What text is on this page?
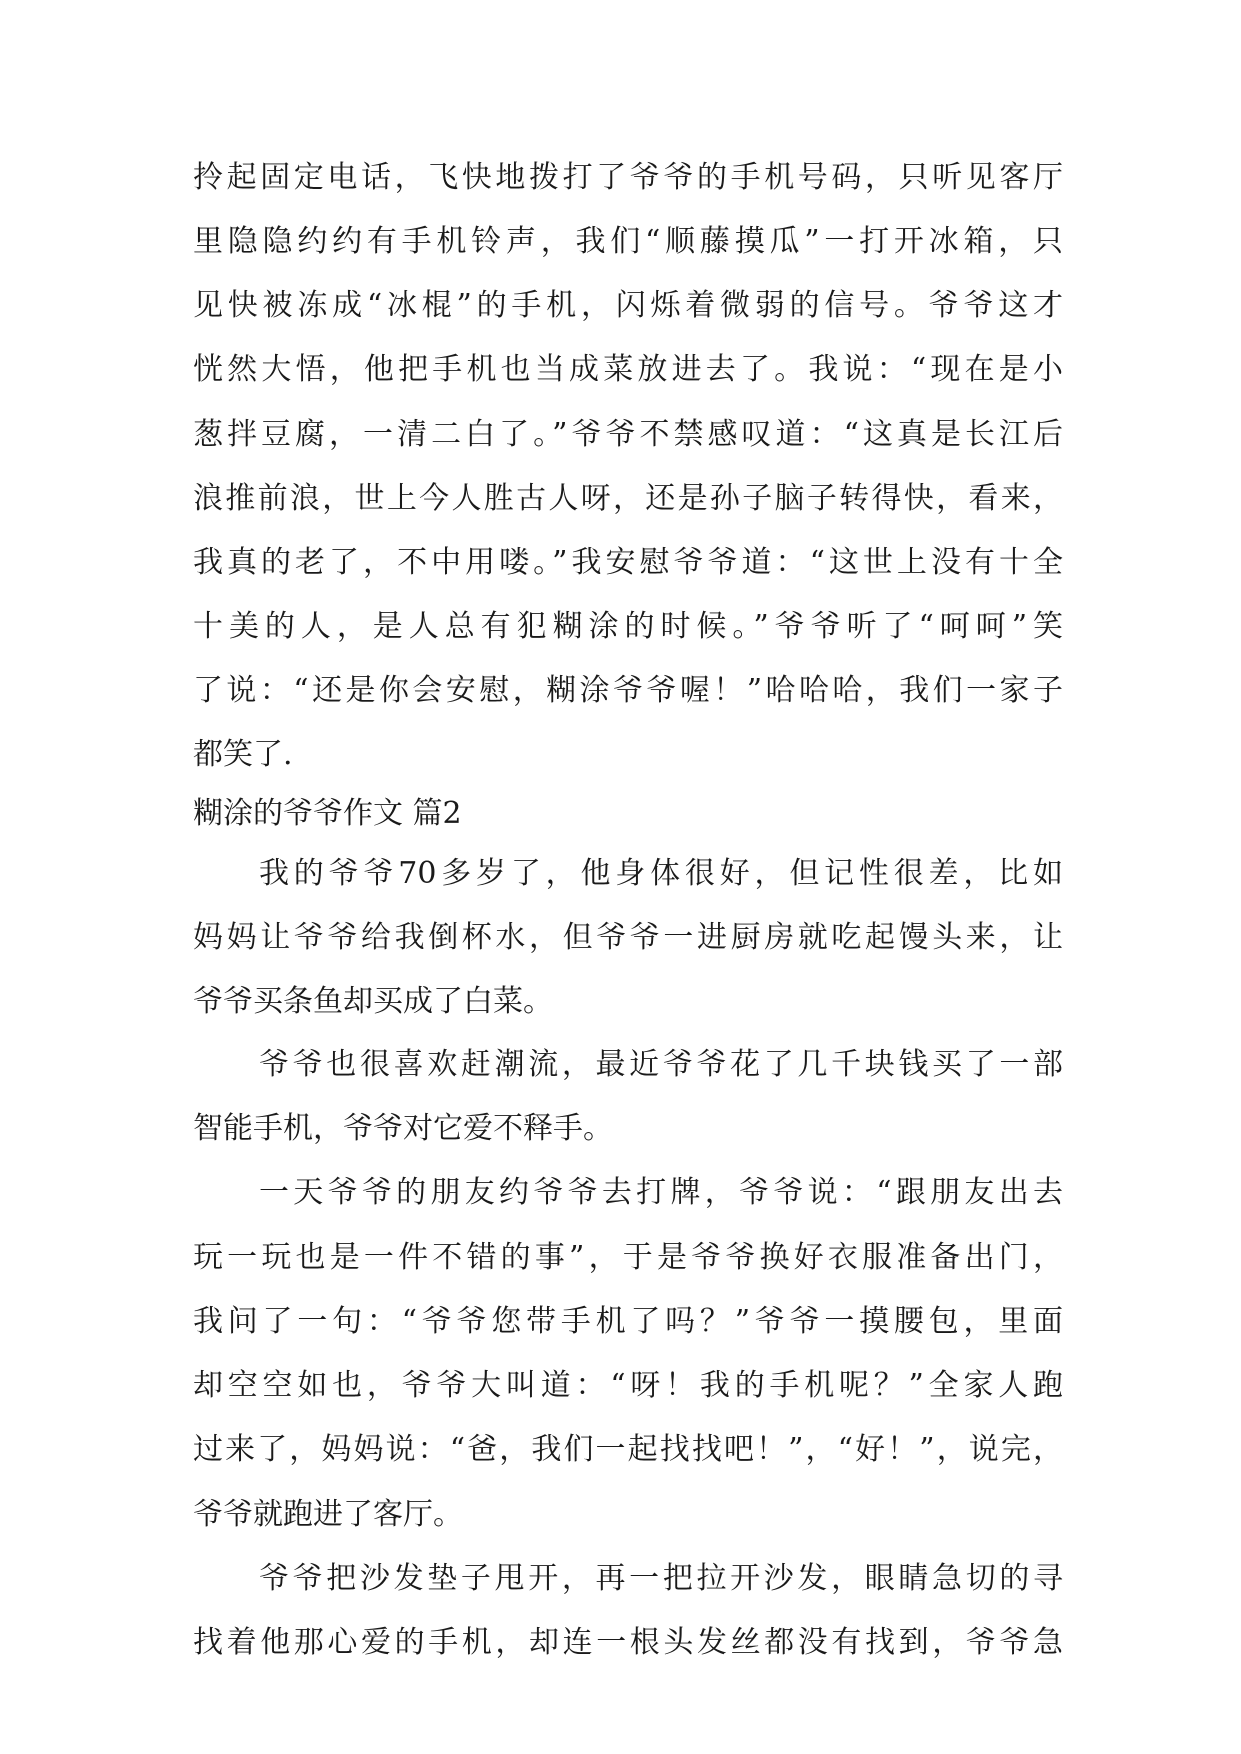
拎起固定电话，飞快地拨打了爷爷的手机号码，只听见客厅
里隐隐约约有手机铃声，我们“顺藤摸瓜”一打开冰箱，只
见快被冻成“冰棍”的手机，闪烁着微弱的信号。爷爷这才
恍然大悟，他把手机也当成菜放进去了。我说：“现在是小
葱拌豆腐，一清二白了。”爷爷不禁感叹道：“这真是长江后
浪推前浪，世上今人胜古人呀，还是孙子脑子转得快，看来，
我真的老了，不中用喽。”我安慰爷爷道：“这世上没有十全
十美的人，是人总有犯糊涂的时候。”爷爷听了“呵呵”笑
了说：“还是你会安慰，糊涂爷爷喔！”哈哈哈，我们一家子
都笑了.
糊涂的爷爷作文 篇2
我的爷爷70多岁了，他身体很好，但记性很差，比如
妈妈让爷爷给我倒杯水，但爷爷一进厨房就吃起馒头来，让
爷爷买条鱼却买成了白菜。
爷爷也很喜欢赶潮流，最近爷爷花了几千块钱买了一部
智能手机，爷爷对它爱不释手。
一天爷爷的朋友约爷爷去打牌，爷爷说：“跟朋友出去
玩一玩也是一件不错的事”，于是爷爷换好衣服准备出门，
我问了一句：“爷爷您带手机了吗？”爷爷一摸腰包，里面
却空空如也，爷爷大叫道：“呀！我的手机呢？”全家人跑
过来了，妈妈说：“爸，我们一起找找吧！”，“好！”，说完，
爷爷就跑进了客厅。
爷爷把沙发垫子甩开，再一把拉开沙发，眼睛急切的寻
找着他那心爱的手机，却连一根头发丝都没有找到，爷爷急
